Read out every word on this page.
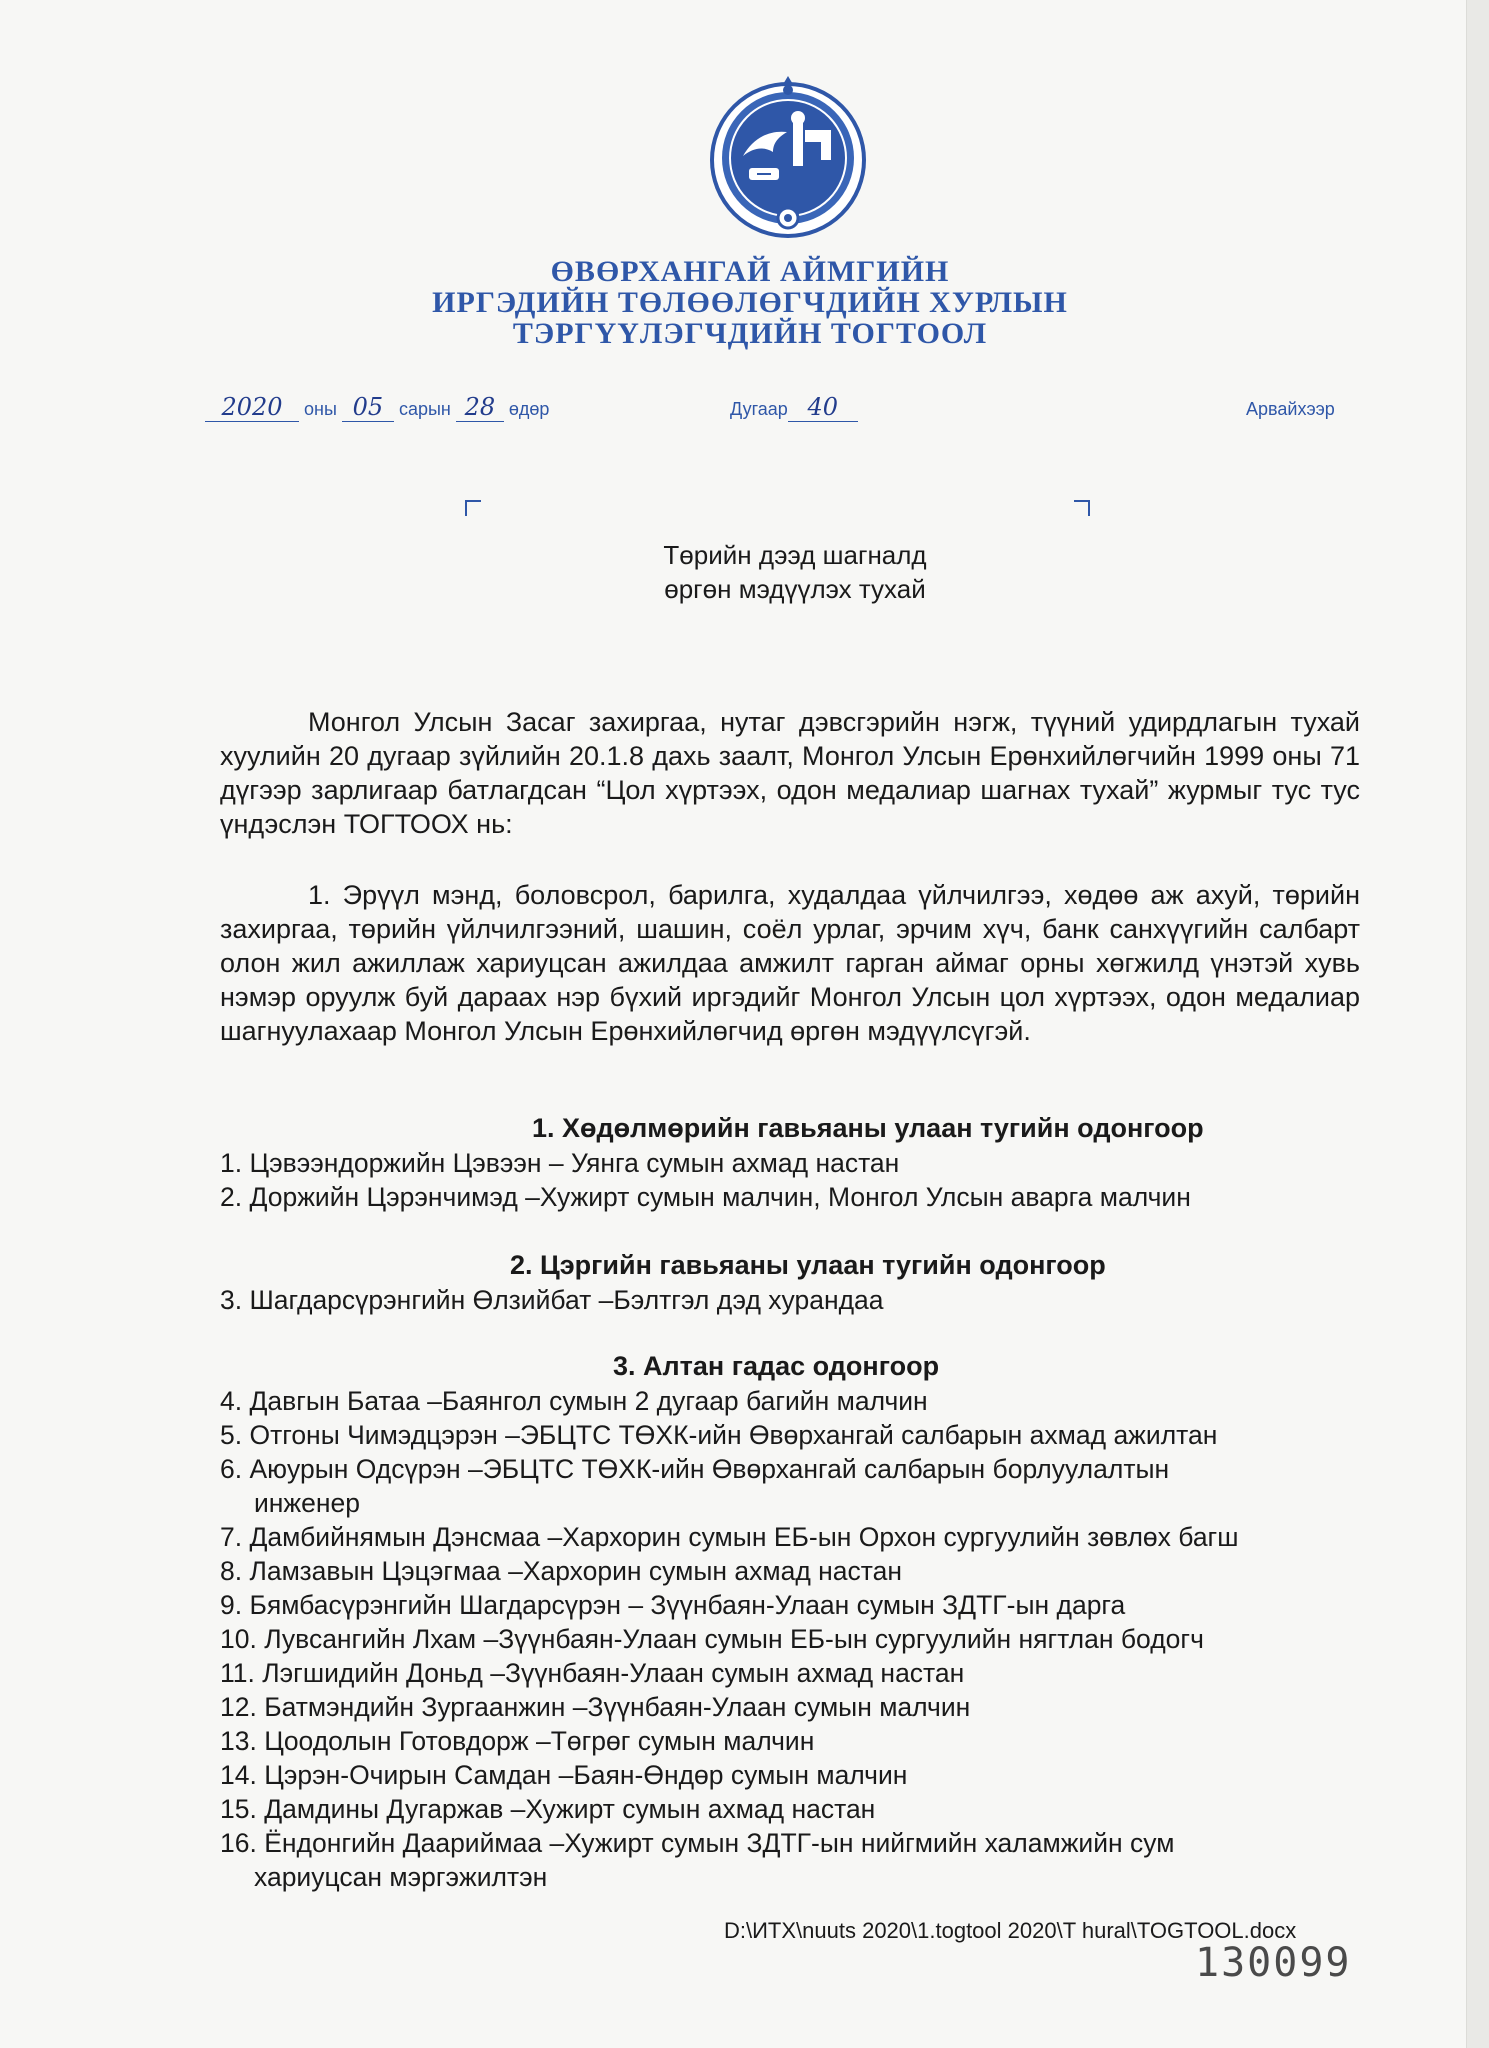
ӨВӨРХАНГАЙ АЙМГИЙН
ИРГЭДИЙН ТӨЛӨӨЛӨГЧДИЙН ХУРЛЫН
ТЭРГҮҮЛЭГЧДИЙН ТОГТООЛ
2020 оны 05 сарын 28 өдөр	Дугаар 40	Арвайхээр
Төрийн дээд шагналд
өргөн мэдүүлэх тухай
Монгол Улсын Засаг захиргаа, нутаг дэвсгэрийн нэгж, түүний удирдлагын тухай хуулийн 20 дугаар зүйлийн 20.1.8 дахь заалт, Монгол Улсын Ерөнхийлөгчийн 1999 оны 71 дүгээр зарлигаар батлагдсан “Цол хүртээх, одон медалиар шагнах тухай” журмыг тус тус үндэслэн ТОГТООХ нь:
1. Эрүүл мэнд, боловсрол, барилга, худалдаа үйлчилгээ, хөдөө аж ахуй, төрийн захиргаа, төрийн үйлчилгээний, шашин, соёл урлаг, эрчим хүч, банк санхүүгийн салбарт олон жил ажиллаж хариуцсан ажилдаа амжилт гарган аймаг орны хөгжилд үнэтэй хувь нэмэр оруулж буй дараах нэр бүхий иргэдийг Монгол Улсын цол хүртээх, одон медалиар шагнуулахаар Монгол Улсын Ерөнхийлөгчид өргөн мэдүүлсүгэй.
1. Хөдөлмөрийн гавьяаны улаан тугийн одонгоор
1. Цэвээндоржийн Цэвээн – Уянга сумын ахмад настан
2. Доржийн Цэрэнчимэд –Хужирт сумын малчин, Монгол Улсын аварга малчин
2. Цэргийн гавьяаны улаан тугийн одонгоор
3. Шагдарсүрэнгийн Өлзийбат –Бэлтгэл дэд хурандаа
3. Алтан гадас одонгоор
4. Давгын Батаа –Баянгол сумын 2 дугаар багийн малчин
5. Отгоны Чимэдцэрэн –ЭБЦТС ТӨХК-ийн Өвөрхангай салбарын ахмад ажилтан
6. Аюурын Одсүрэн –ЭБЦТС ТӨХК-ийн Өвөрхангай салбарын борлуулалтын
инженер
7. Дамбийнямын Дэнсмаа –Хархорин сумын ЕБ-ын Орхон сургуулийн зөвлөх багш
8. Ламзавын Цэцэгмаа –Хархорин сумын ахмад настан
9. Бямбасүрэнгийн Шагдарсүрэн – Зүүнбаян-Улаан сумын ЗДТГ-ын дарга
10. Лувсангийн Лхам –Зүүнбаян-Улаан сумын ЕБ-ын сургуулийн нягтлан бодогч
11. Лэгшидийн Доньд –Зүүнбаян-Улаан сумын ахмад настан
12. Батмэндийн Зургаанжин –Зүүнбаян-Улаан сумын малчин
13. Цоодолын Готовдорж –Төгрөг сумын малчин
14. Цэрэн-Очирын Самдан –Баян-Өндөр сумын малчин
15. Дамдины Дугаржав –Хужирт сумын ахмад настан
16. Ёндонгийн Даариймаа –Хужирт сумын ЗДТГ-ын нийгмийн халамжийн сум
хариуцсан мэргэжилтэн
D:\ИТХ\nuuts 2020\1.togtool 2020\T hural\TOGTOOL.docx
130099
